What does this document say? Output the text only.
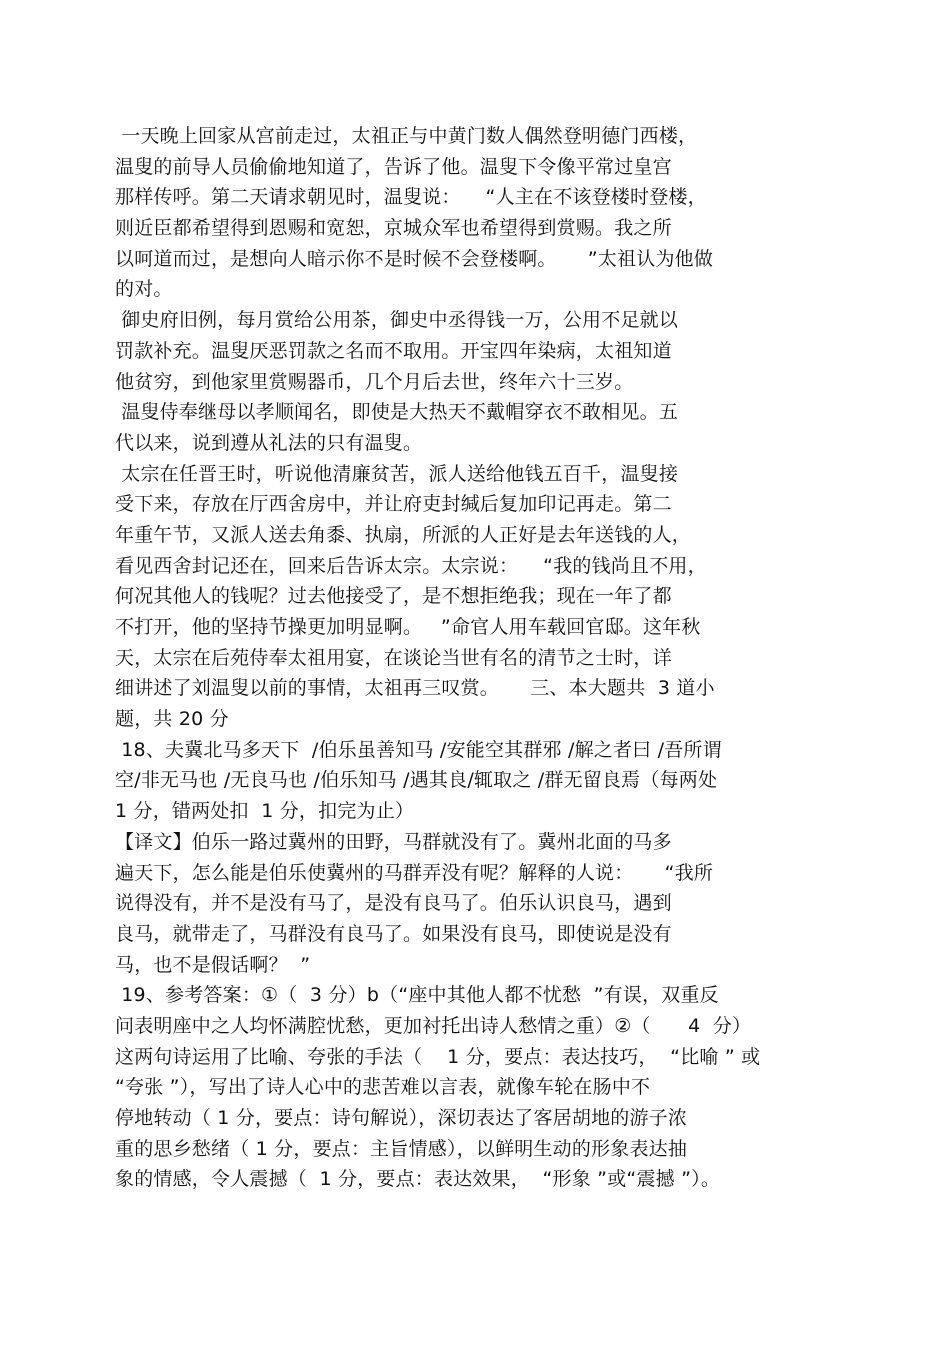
一天晚上回家从宫前走过，太祖正与中黄门数人偶然登明德门西楼，
温叟的前导人员偷偷地知道了，告诉了他。温叟下令像平常过皇宫
那样传呼。第二天请求朝见时，温叟说：    “人主在不该登楼时登楼，
则近臣都希望得到恩赐和宽恕，京城众军也希望得到赏赐。我之所
以呵道而过，是想向人暗示你不是时候不会登楼啊。     ”太祖认为他做
的对。
御史府旧例，每月赏给公用茶，御史中丞得钱一万，公用不足就以
罚款补充。温叟厌恶罚款之名而不取用。开宝四年染病，太祖知道
他贫穷，到他家里赏赐器币，几个月后去世，终年六十三岁。
温叟侍奉继母以孝顺闻名，即使是大热天不戴帽穿衣不敢相见。五
代以来，说到遵从礼法的只有温叟。
太宗在任晋王时，听说他清廉贫苦，派人送给他钱五百千，温叟接
受下来，存放在厅西舍房中，并让府吏封缄后复加印记再走。第二
年重午节，又派人送去角黍、执扇，所派的人正好是去年送钱的人，
看见西舍封记还在，回来后告诉太宗。太宗说：    “我的钱尚且不用，
何况其他人的钱呢？过去他接受了，是不想拒绝我；现在一年了都
不打开，他的坚持节操更加明显啊。   ”命官人用车载回官邸。这年秋
天，太宗在后苑侍奉太祖用宴，在谈论当世有名的清节之士时，详
细讲述了刘温叟以前的事情，太祖再三叹赏。     三、本大题共  3 道小
题，共 20 分
18、夫冀北马多天下  /伯乐虽善知马 /安能空其群邪 /解之者曰 /吾所谓
空/非无马也 /无良马也 /伯乐知马 /遇其良/辄取之 /群无留良焉（每两处
1 分，错两处扣  1 分，扣完为止）
【译文】伯乐一路过冀州的田野，马群就没有了。冀州北面的马多
遍天下，怎么能是伯乐使冀州的马群弄没有呢？解释的人说：     “我所
说得没有，并不是没有马了，是没有良马了。伯乐认识良马，遇到
良马，就带走了，马群没有良马了。如果没有良马，即使说是没有
马，也不是假话啊？  ”
19、参考答案：①（  3 分）b（“座中其他人都不忧愁  ”有误，双重反
问表明座中之人均怀满腔忧愁，更加衬托出诗人愁情之重）②（      4  分）
这两句诗运用了比喻、夸张的手法（    1 分，要点：表达技巧，  “比喻 ” 或
“夸张 ”），写出了诗人心中的悲苦难以言表，就像车轮在肠中不
停地转动（ 1 分，要点：诗句解说），深切表达了客居胡地的游子浓
重的思乡愁绪（ 1 分，要点：主旨情感），以鲜明生动的形象表达抽
象的情感，令人震撼（  1 分，要点：表达效果，  “形象 ”或“震撼 ”）。
